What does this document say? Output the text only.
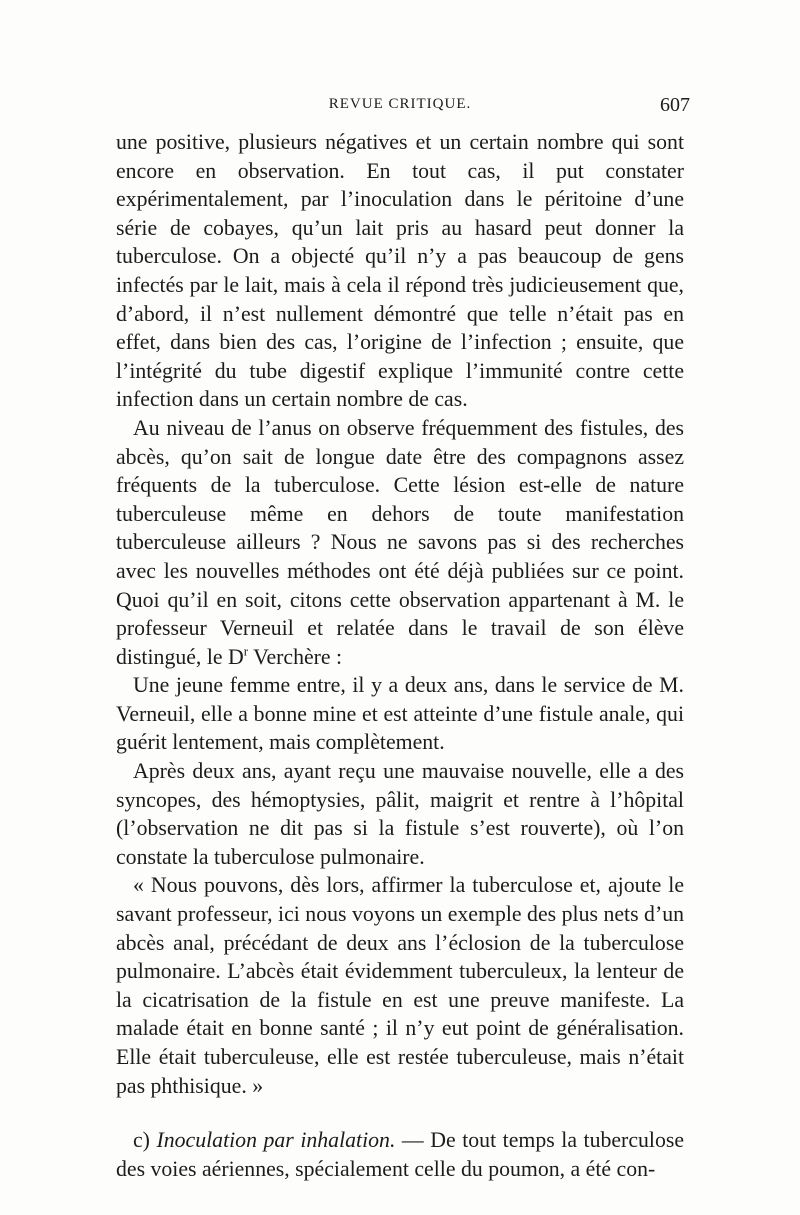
REVUE CRITIQUE.	607

une positive, plusieurs négatives et un certain nombre qui sont encore en observation. En tout cas, il put constater expérimentalement, par l’inoculation dans le péritoine d’une série de cobayes, qu’un lait pris au hasard peut donner la tuberculose. On a objecté qu’il n’y a pas beaucoup de gens infectés par le lait, mais à cela il répond très judicieusement que, d’abord, il n’est nullement démontré que telle n’était pas en effet, dans bien des cas, l’origine de l’infection ; ensuite, que l’intégrité du tube digestif explique l’immunité contre cette infection dans un certain nombre de cas.

Au niveau de l’anus on observe fréquemment des fistules, des abcès, qu’on sait de longue date être des compagnons assez fréquents de la tuberculose. Cette lésion est-elle de nature tuberculeuse même en dehors de toute manifestation tuberculeuse ailleurs ? Nous ne savons pas si des recherches avec les nouvelles méthodes ont été déjà publiées sur ce point. Quoi qu’il en soit, citons cette observation appartenant à M. le professeur Verneuil et relatée dans le travail de son élève distingué, le $D^r$ Verchère :

Une jeune femme entre, il y a deux ans, dans le service de M. Verneuil, elle a bonne mine et est atteinte d’une fistule anale, qui guérit lentement, mais complètement.

Après deux ans, ayant reçu une mauvaise nouvelle, elle a des syncopes, des hémoptysies, pâlit, maigrit et rentre à l’hôpital (l’observation ne dit pas si la fistule s’est rouverte), où l’on constate la tuberculose pulmonaire.

« Nous pouvons, dès lors, affirmer la tuberculose et, ajoute le savant professeur, ici nous voyons un exemple des plus nets d’un abcès anal, précédant de deux ans l’éclosion de la tuberculose pulmonaire. L’abcès était évidemment tuberculeux, la lenteur de la cicatrisation de la fistule en est une preuve manifeste. La malade était en bonne santé ; il n’y eut point de généralisation. Elle était tuberculeuse, elle est restée tuberculeuse, mais n’était pas phthisique. »

c) Inoculation par inhalation. — De tout temps la tuberculose des voies aériennes, spécialement celle du poumon, a été con-
